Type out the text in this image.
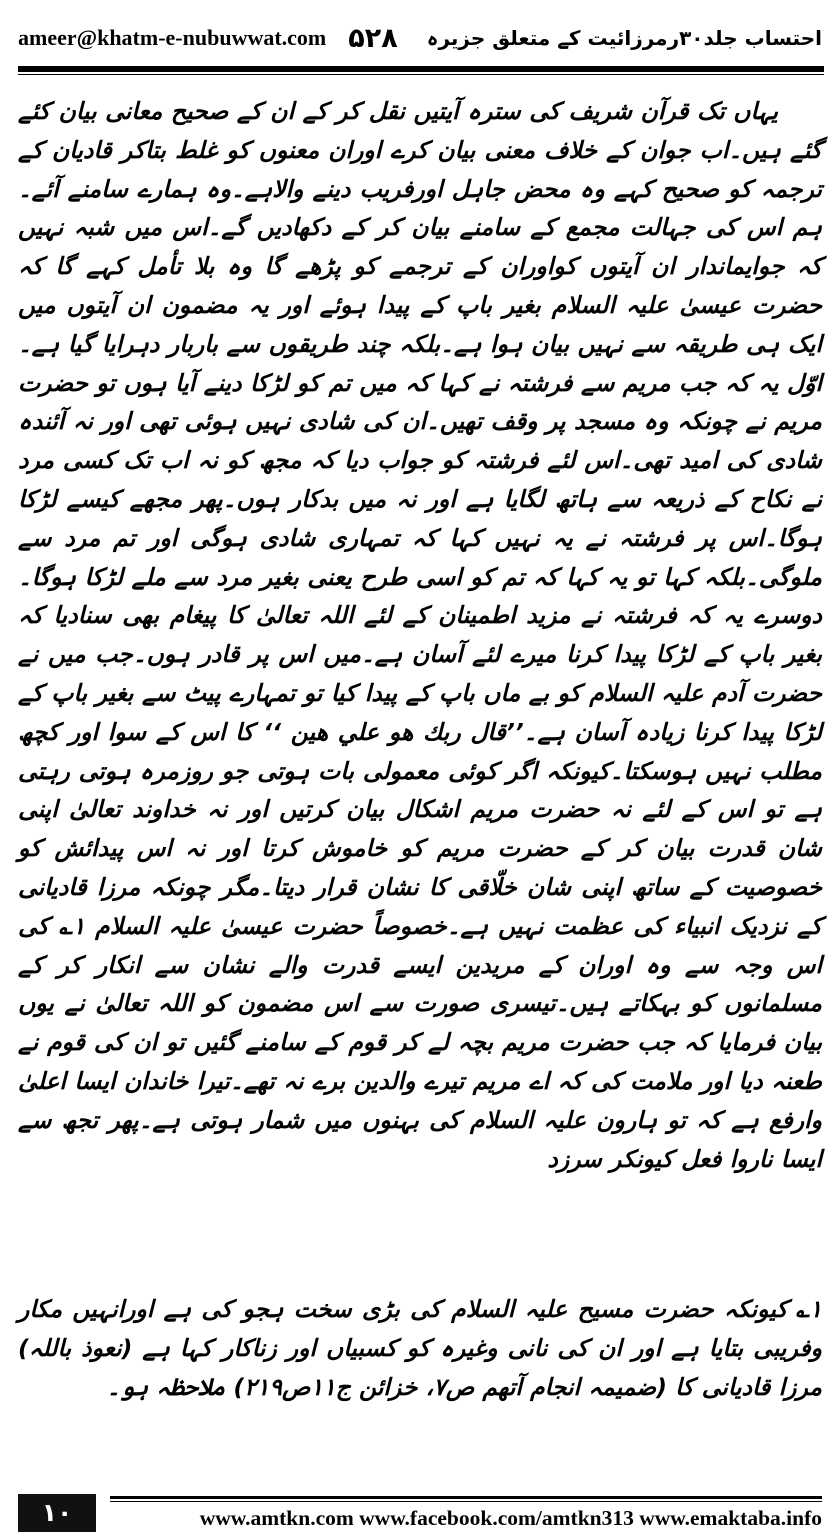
ameer@khatm-e-nubuwwat.com ۵۲۸ احتساب جلد۳۰رمرزائیت کے متعلق جزیرہ

یہاں تک قرآن شریف کی سترہ آیتیں نقل کر کے ان کے صحیح معانی بیان کئے گئے ہیں۔اب جوان کے خلاف معنی بیان کرے اوران معنوں کو غلط بتاکر قادیان کے ترجمہ کو صحیح کہے وہ محض جاہل اورفریب دینے والاہے۔وہ ہمارے سامنے آئے۔ہم اس کی جہالت مجمع کے سامنے بیان کر کے دکھادیں گے۔اس میں شبہ نہیں کہ جوایماندار ان آیتوں کواوران کے ترجمے کو پڑھے گا وہ بلا تأمل کہے گا کہ حضرت عیسیٰ علیہ السلام بغیر باپ کے پیدا ہوئے اور یہ مضمون ان آیتوں میں ایک ہی طریقہ سے نہیں بیان ہوا ہے۔بلکہ چند طریقوں سے باربار دہرایا گیا ہے۔اوّل یہ کہ جب مریم سے فرشتہ نے کہا کہ میں تم کو لڑکا دینے آیا ہوں تو حضرت مریم نے چونکہ وہ مسجد پر وقف تھیں۔ان کی شادی نہیں ہوئی تھی اور نہ آئندہ شادی کی امید تھی۔اس لئے فرشتہ کو جواب دیا کہ مجھ کو نہ اب تک کسی مرد نے نکاح کے ذریعہ سے ہاتھ لگایا ہے اور نہ میں بدکار ہوں۔پھر مجھے کیسے لڑکا ہوگا۔اس پر فرشتہ نے یہ نہیں کہا کہ تمہاری شادی ہوگی اور تم مرد سے ملوگی۔بلکہ کہا تو یہ کہا کہ تم کو اسی طرح یعنی بغیر مرد سے ملے لڑکا ہوگا۔دوسرے یہ کہ فرشتہ نے مزید اطمینان کے لئے اللہ تعالیٰ کا پیغام بھی سنادیا کہ بغیر باپ کے لڑکا پیدا کرنا میرے لئے آسان ہے۔میں اس پر قادر ہوں۔جب میں نے حضرت آدم علیہ السلام کو بے ماں باپ کے پیدا کیا تو تمہارے پیٹ سے بغیر باپ کے لڑکا پیدا کرنا زیادہ آسان ہے۔’’قال ربك هو علي هين ‘‘ کا اس کے سوا اور کچھ مطلب نہیں ہوسکتا۔کیونکہ اگر کوئی معمولی بات ہوتی جو روزمرہ ہوتی رہتی ہے تو اس کے لئے نہ حضرت مریم اشکال بیان کرتیں اور نہ خداوند تعالیٰ اپنی شان قدرت بیان کر کے حضرت مریم کو خاموش کرتا اور نہ اس پیدائش کو خصوصیت کے ساتھ اپنی شان خلّاقی کا نشان قرار دیتا۔مگر چونکہ مرزا قادیانی کے نزدیک انبیاء کی عظمت نہیں ہے۔خصوصاً حضرت عیسیٰ علیہ السلام ۱؎ کی اس وجہ سے وہ اوران کے مریدین ایسے قدرت والے نشان سے انکار کر کے مسلمانوں کو بہکاتے ہیں۔تیسری صورت سے اس مضمون کو اللہ تعالیٰ نے یوں بیان فرمایا کہ جب حضرت مریم بچہ لے کر قوم کے سامنے گئیں تو ان کی قوم نے طعنہ دیا اور ملامت کی کہ اے مریم تیرے والدین برے نہ تھے۔تیرا خاندان ایسا اعلیٰ وارفع ہے کہ تو ہارون علیہ السلام کی بہنوں میں شمار ہوتی ہے۔پھر تجھ سے ایسا ناروا فعل کیونکر سرزد

۱؎کیونکہ حضرت مسیح علیہ السلام کی بڑی سخت ہجو کی ہے اورانہیں مکار وفریبی بتایا ہے اور ان کی نانی وغیرہ کو کسبیاں اور زناکار کہا ہے (نعوذ باللہ) مرزا قادیانی کا (ضمیمہ انجام آتھم ص۷، خزائن ج۱۱ص۲۱۹) ملاحظہ ہو۔

۱۰	www.amtkn.com www.facebook.com/amtkn313 www.emaktaba.info
